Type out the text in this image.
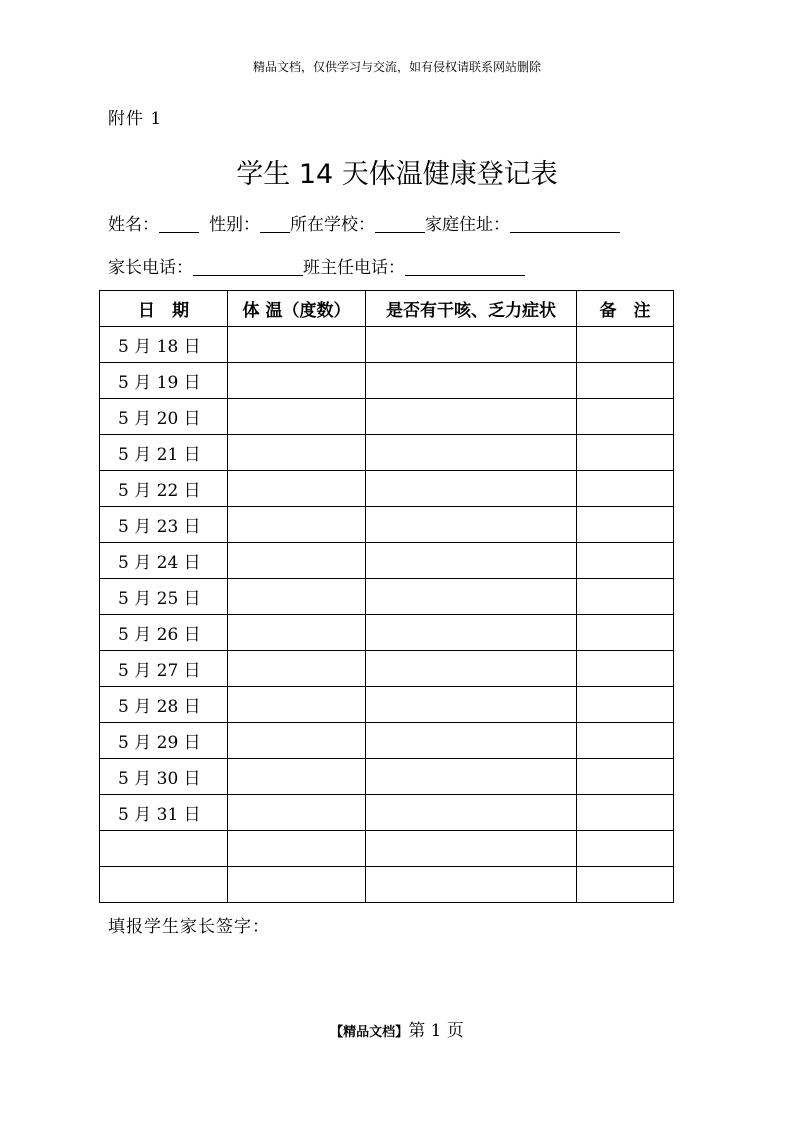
精品文档，仅供学习与交流，如有侵权请联系网站删除
附件 1
学生 14 天体温健康登记表
姓名：	性别： 所在学校：	家庭住址：
家长电话：	班主任电话：
日　期	体 温（度数）	是否有干咳、乏力症状	备　注
5 月 18 日			
5 月 19 日			
5 月 20 日			
5 月 21 日			
5 月 22 日			
5 月 23 日			
5 月 24 日			
5 月 25 日			
5 月 26 日			
5 月 27 日			
5 月 28 日			
5 月 29 日			
5 月 30 日			
5 月 31 日			

填报学生家长签字：
【精品文档】第 1 页
